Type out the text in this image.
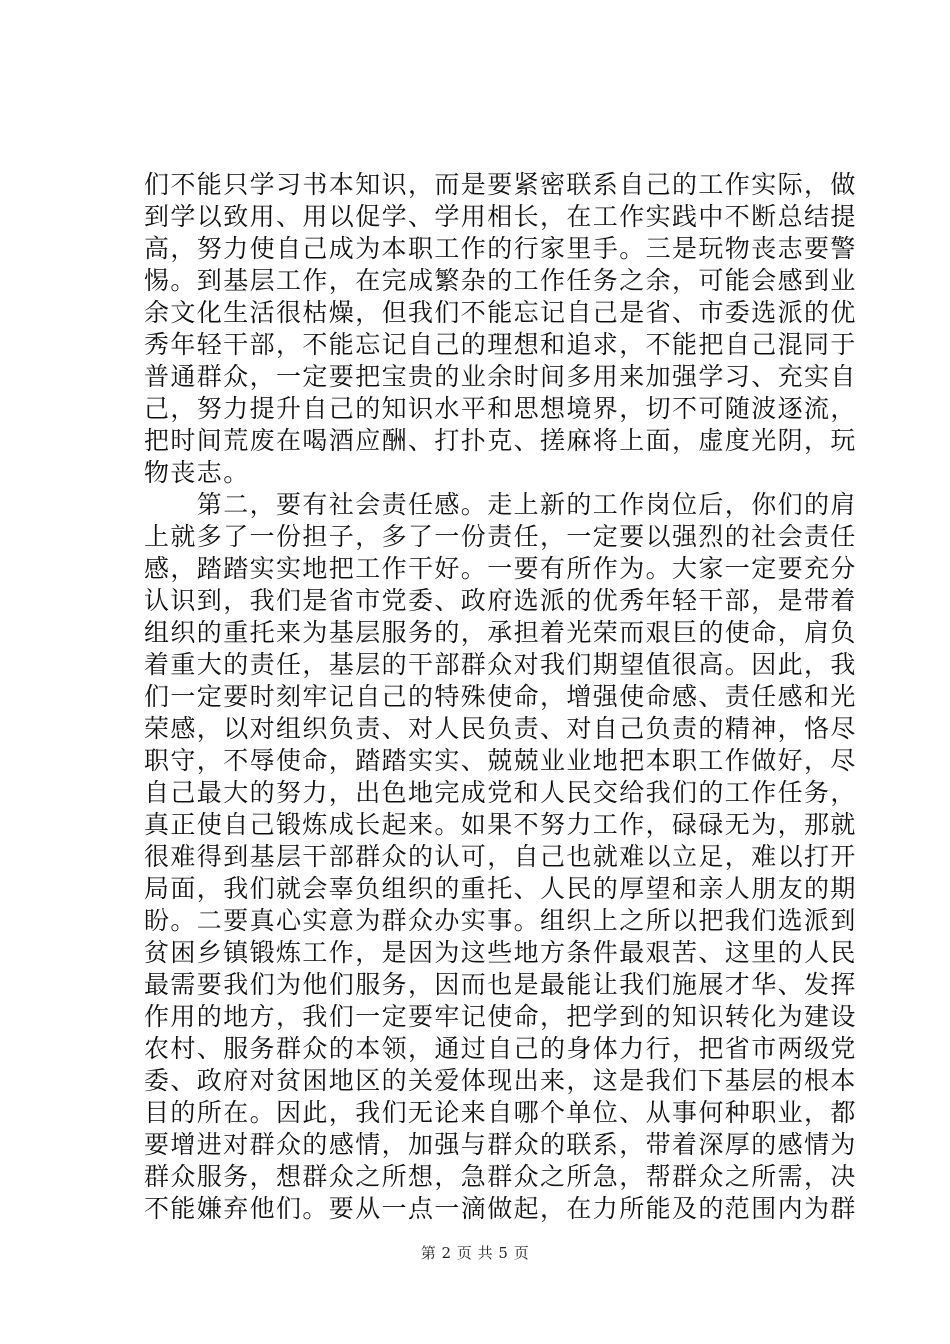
们不能只学习书本知识，而是要紧密联系自己的工作实际，做
到学以致用、用以促学、学用相长，在工作实践中不断总结提
高，努力使自己成为本职工作的行家里手。三是玩物丧志要警
惕。到基层工作，在完成繁杂的工作任务之余，可能会感到业
余文化生活很枯燥，但我们不能忘记自己是省、市委选派的优
秀年轻干部，不能忘记自己的理想和追求，不能把自己混同于
普通群众，一定要把宝贵的业余时间多用来加强学习、充实自
己，努力提升自己的知识水平和思想境界，切不可随波逐流，
把时间荒废在喝酒应酬、打扑克、搓麻将上面，虚度光阴，玩
物丧志。
　　第二，要有社会责任感。走上新的工作岗位后，你们的肩
上就多了一份担子，多了一份责任，一定要以强烈的社会责任
感，踏踏实实地把工作干好。一要有所作为。大家一定要充分
认识到，我们是省市党委、政府选派的优秀年轻干部，是带着
组织的重托来为基层服务的，承担着光荣而艰巨的使命，肩负
着重大的责任，基层的干部群众对我们期望值很高。因此，我
们一定要时刻牢记自己的特殊使命，增强使命感、责任感和光
荣感，以对组织负责、对人民负责、对自己负责的精神，恪尽
职守，不辱使命，踏踏实实、兢兢业业地把本职工作做好，尽
自己最大的努力，出色地完成党和人民交给我们的工作任务，
真正使自己锻炼成长起来。如果不努力工作，碌碌无为，那就
很难得到基层干部群众的认可，自己也就难以立足，难以打开
局面，我们就会辜负组织的重托、人民的厚望和亲人朋友的期
盼。二要真心实意为群众办实事。组织上之所以把我们选派到
贫困乡镇锻炼工作，是因为这些地方条件最艰苦、这里的人民
最需要我们为他们服务，因而也是最能让我们施展才华、发挥
作用的地方，我们一定要牢记使命，把学到的知识转化为建设
农村、服务群众的本领，通过自己的身体力行，把省市两级党
委、政府对贫困地区的关爱体现出来，这是我们下基层的根本
目的所在。因此，我们无论来自哪个单位、从事何种职业，都
要增进对群众的感情，加强与群众的联系，带着深厚的感情为
群众服务，想群众之所想，急群众之所急，帮群众之所需，决
不能嫌弃他们。要从一点一滴做起，在力所能及的范围内为群
第 2 页 共 5 页
